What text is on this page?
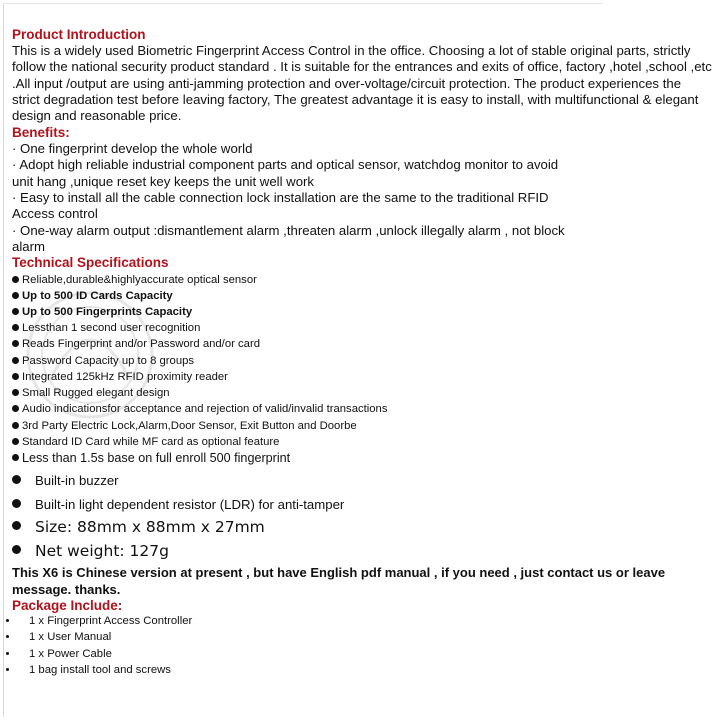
Product Introduction
This is a widely used Biometric Fingerprint Access Control in the office. Choosing a lot of stable original parts, strictly follow the national security product standard . It is suitable for the entrances and exits of office, factory ,hotel ,school ,etc .All input /output are using anti-jamming protection and over-voltage/circuit protection. The product experiences the strict degradation test before leaving factory, The greatest advantage it is easy to install, with multifunctional & elegant design and reasonable price.
Benefits:
· One fingerprint develop the whole world
· Adopt high reliable industrial component parts and optical sensor, watchdog monitor to avoid
unit hang ,unique reset key keeps the unit well work
· Easy to install all the cable connection lock installation are the same to the traditional RFID
Access control
· One-way alarm output :dismantlement alarm ,threaten alarm ,unlock illegally alarm , not block
alarm
Technical Specifications
Reliable,durable&highlyaccurate optical sensor
Up to 500 ID Cards Capacity
Up to 500 Fingerprints Capacity
Lessthan 1 second user recognition
Reads Fingerprint and/or Password and/or card
Password Capacity up to 8 groups
Integrated 125kHz RFID proximity reader
Small Rugged elegant design
Audio indicationsfor acceptance and rejection of valid/invalid transactions
3rd Party Electric Lock,Alarm,Door Sensor, Exit Button and Doorbe
Standard ID Card while MF card as optional feature
Less than 1.5s base on full enroll 500 fingerprint
Built-in buzzer
Built-in light dependent resistor (LDR) for anti-tamper
Size: 88mm x 88mm x 27mm
Net weight: 127g
This X6 is Chinese version at present , but have English pdf manual , if you need , just contact us or leave message. thanks.
Package Include:
1 x Fingerprint Access Controller
1 x User Manual
1 x Power Cable
1 bag install tool and screws
